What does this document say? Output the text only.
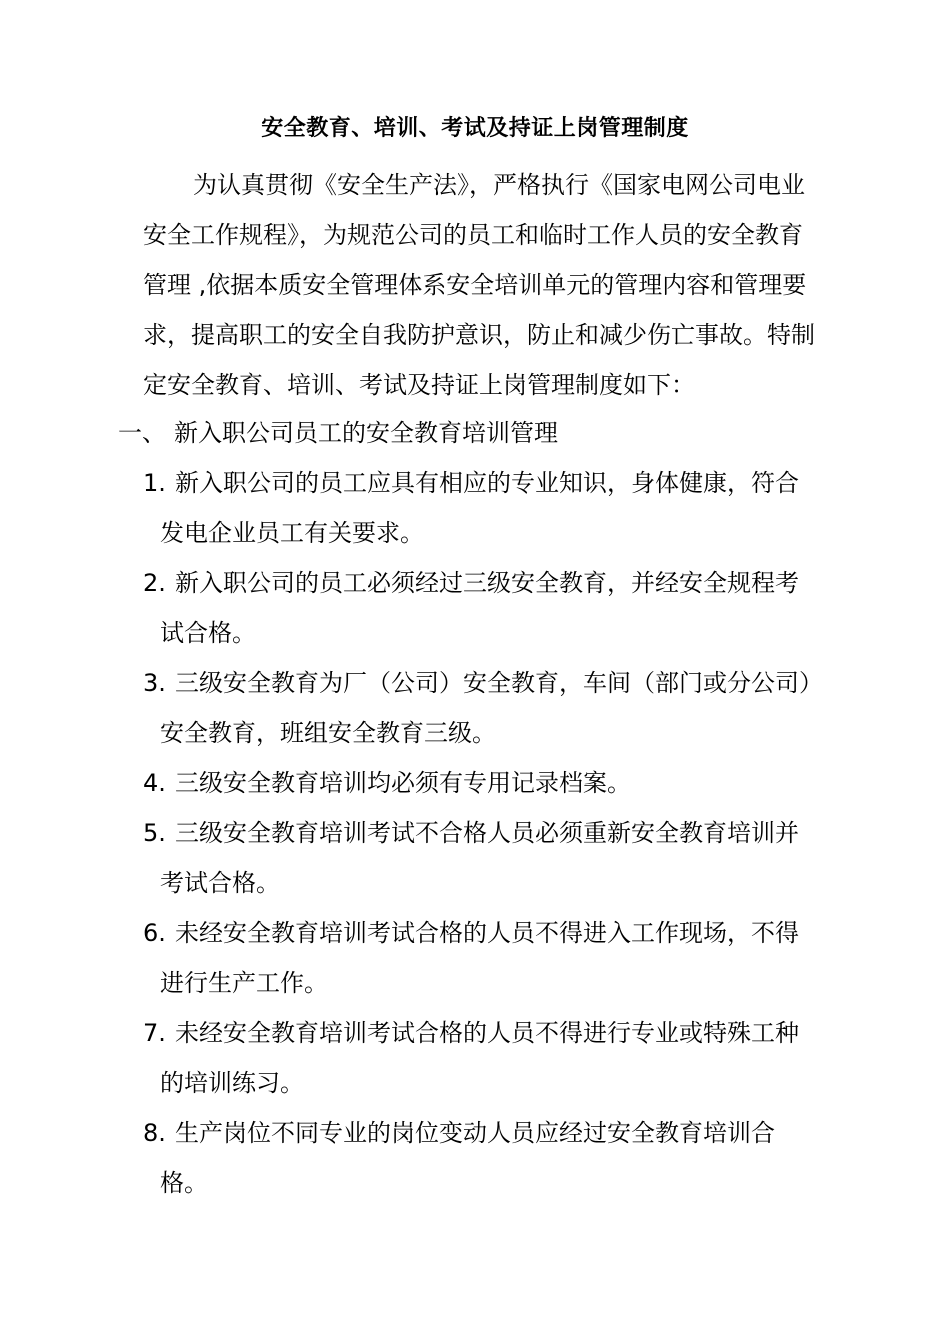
安全教育、培训、考试及持证上岗管理制度
为认真贯彻《安全生产法》，严格执行《国家电网公司电业
安全工作规程》，为规范公司的员工和临时工作人员的安全教育
管理 ,依据本质安全管理体系安全培训单元的管理内容和管理要
求，提高职工的安全自我防护意识，防止和减少伤亡事故。特制
定安全教育、培训、考试及持证上岗管理制度如下：
一、 新入职公司员工的安全教育培训管理
1. 新入职公司的员工应具有相应的专业知识，身体健康，符合
发电企业员工有关要求。
2. 新入职公司的员工必须经过三级安全教育，并经安全规程考
试合格。
3. 三级安全教育为厂（公司）安全教育，车间（部门或分公司）
安全教育，班组安全教育三级。
4. 三级安全教育培训均必须有专用记录档案。
5. 三级安全教育培训考试不合格人员必须重新安全教育培训并
考试合格。
6. 未经安全教育培训考试合格的人员不得进入工作现场，不得
进行生产工作。
7. 未经安全教育培训考试合格的人员不得进行专业或特殊工种
的培训练习。
8. 生产岗位不同专业的岗位变动人员应经过安全教育培训合
格。
